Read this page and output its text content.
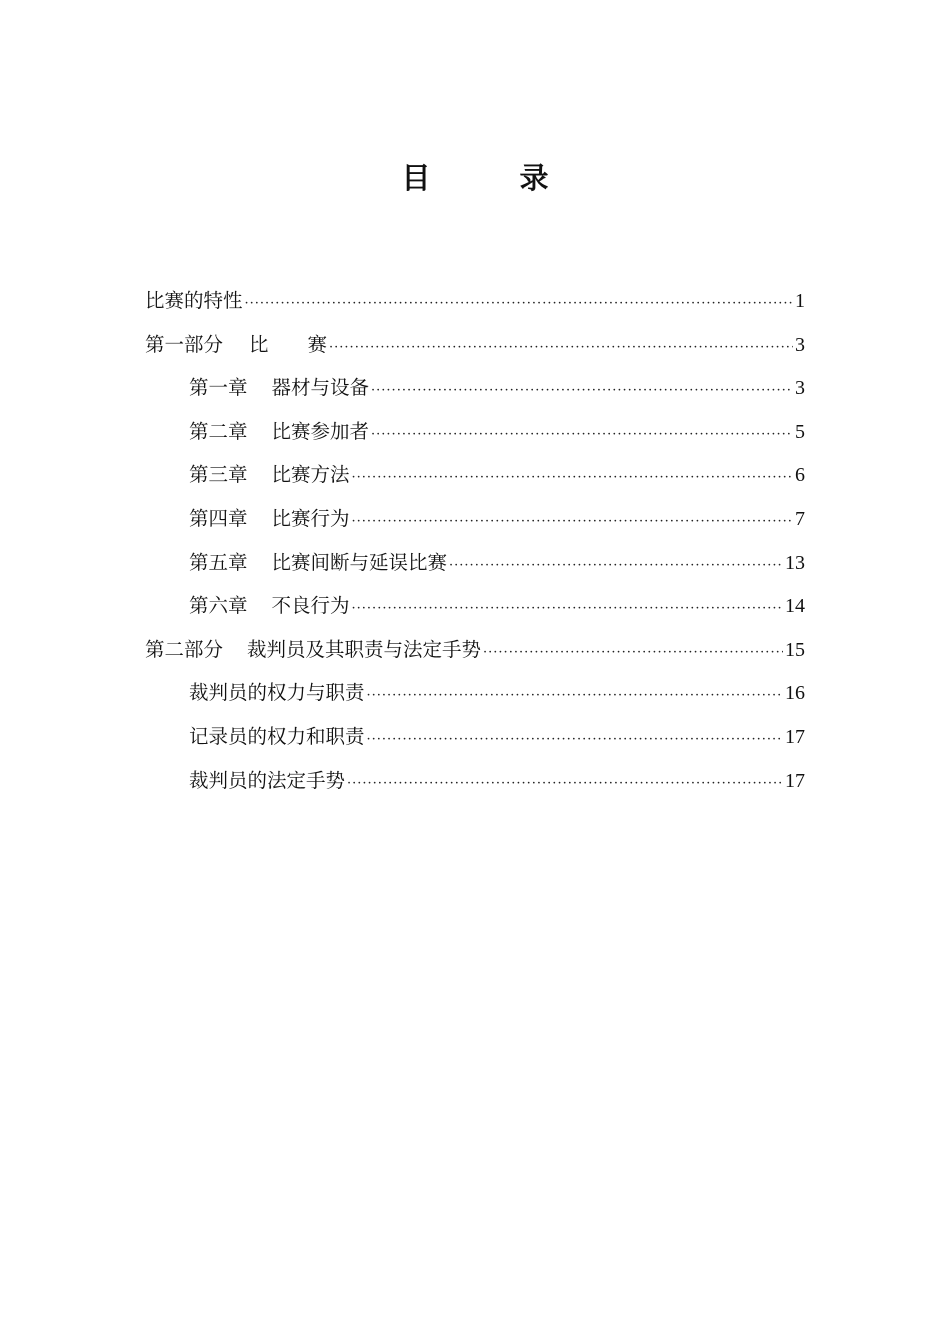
目　录
比赛的特性 ·····	1
第一部分 比　　赛 ·····	3
第一章 器材与设备 ·····	3
第二章 比赛参加者 ·····	5
第三章 比赛方法 ·····	6
第四章 比赛行为 ·····	7
第五章 比赛间断与延误比赛 ·····	13
第六章 不良行为 ·····	14
第二部分 裁判员及其职责与法定手势 ·····	15
裁判员的权力与职责 ·····	16
记录员的权力和职责 ·····	17
裁判员的法定手势 ·····	17
